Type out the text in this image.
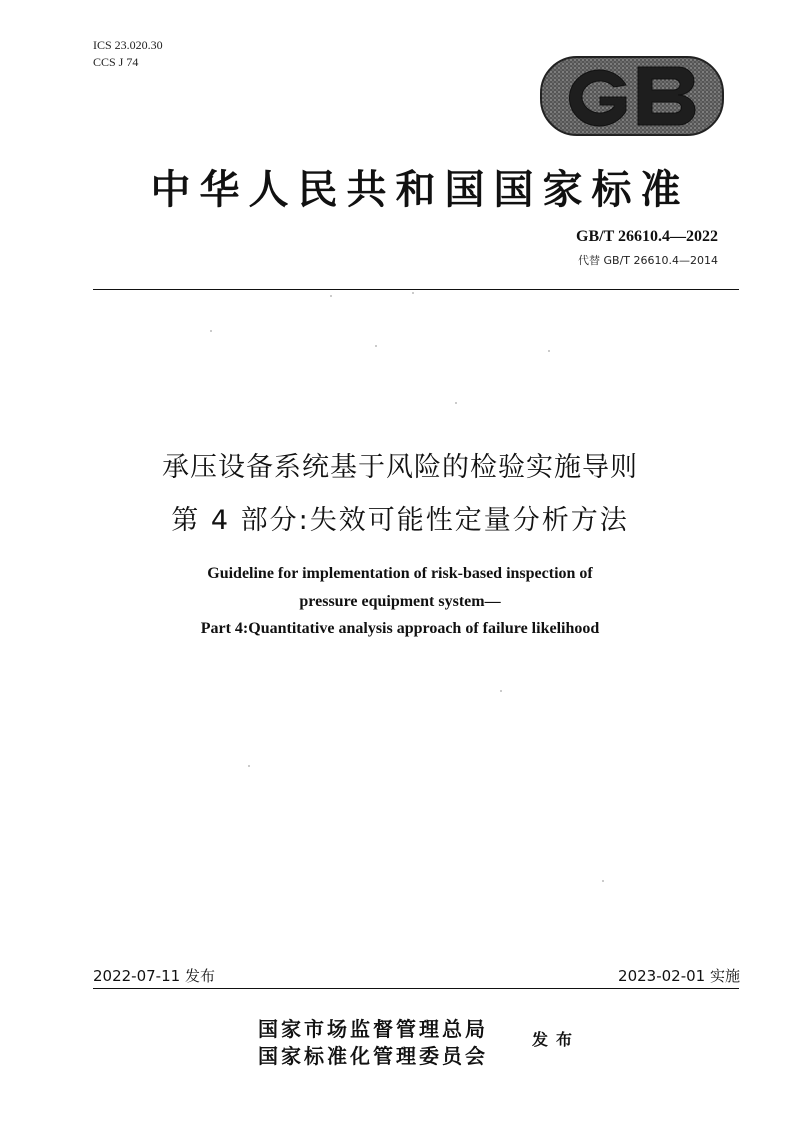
ICS 23.020.30
CCS J 74
中华人民共和国国家标准
GB/T 26610.4—2022
代替 GB/T 26610.4—2014
承压设备系统基于风险的检验实施导则
第 4 部分:失效可能性定量分析方法
Guideline for implementation of risk-based inspection of
pressure equipment system—
Part 4:Quantitative analysis approach of failure likelihood
2022-07-11 发布	2023-02-01 实施
国家市场监督管理总局
国家标准化管理委员会
发布
